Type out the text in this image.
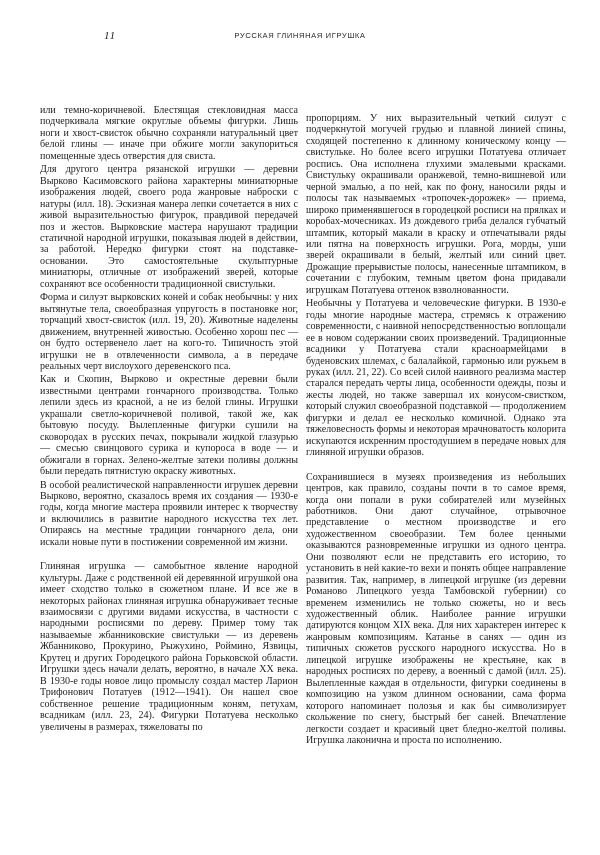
11	РУССКАЯ ГЛИНЯНАЯ ИГРУШКА

или темно-коричневой. Блестящая стекловидная масса подчеркивала мягкие округлые объемы фигурки. Лишь ноги и хвост-свисток обычно сохраняли натуральный цвет белой глины — иначе при обжиге могли закупориться помещенные здесь отверстия для свиста.

Для другого центра рязанской игрушки — деревни Вырково Касимовского района характерны миниатюрные изображения людей, своего рода жанровые наброски с натуры (илл. 18). Эскизная манера лепки сочетается в них с живой выразительностью фигурок, правдивой передачей поз и жестов. Вырковские мастера нарушают традиции статичной народной игрушки, показывая людей в действии, за работой. Нередко фигурки стоят на подставке-основании. Это самостоятельные скульптурные миниатюры, отличные от изображений зверей, которые сохраняют все особенности традиционной свистульки.

Форма и силуэт вырковских коней и собак необычны: у них вытянутые тела, своеобразная упругость в постановке ног, торчащий хвост-свисток (илл. 19, 20). Животные наделены движением, внутренней живостью. Особенно хорош пес — он будто остервенело лает на кого-то. Типичность этой игрушки не в отвлеченности символа, а в передаче реальных черт вислоухого деревенского пса.

Как и Скопин, Вырково и окрестные деревни были известными центрами гончарного производства. Только лепили здесь из красной, а не из белой глины. Игрушки украшали светло-коричневой поливой, такой же, как бытовую посуду. Вылепленные фигурки сушили на сковородах в русских печах, покрывали жидкой глазурью — смесью свинцового сурика и купороса в воде — и обжигали в горнах. Зелено-желтые затеки поливы должны были передать пятнистую окраску животных.

В особой реалистической направленности игрушек деревни Вырково, вероятно, сказалось время их создания — 1930-е годы, когда многие мастера проявили интерес к творчеству и включились в развитие народного искусства тех лет. Опираясь на местные традиции гончарного дела, они искали новые пути в постижении современной им жизни.

Глиняная игрушка — самобытное явление народной культуры. Даже с родственной ей деревянной игрушкой она имеет сходство только в сюжетном плане. И все же в некоторых районах глиняная игрушка обнаруживает тесные взаимосвязи с другими видами искусства, в частности с народными росписями по дереву. Пример тому так называемые жбанниковские свистульки — из деревень Жбанниково, Прокурино, Рыжухино, Роймино, Язвицы, Крутец и других Городецкого района Горьковской области. Игрушки здесь начали делать, вероятно, в начале XX века. В 1930-е годы новое лицо промыслу создал мастер Ларион Трифонович Потатуев (1912—1941). Он нашел свое собственное решение традиционным коням, петухам, всадникам (илл. 23, 24). Фигурки Потатуева несколько увеличены в размерах, тяжеловаты по

пропорциям. У них выразительный четкий силуэт с подчеркнутой могучей грудью и плавной линией спины, сходящей постепенно к длинному коническому концу — свистульке. Но более всего игрушки Потатуева отличает роспись. Она исполнена глухими эмалевыми красками. Свистульку окрашивали оранжевой, темно-вишневой или черной эмалью, а по ней, как по фону, наносили ряды и полосы так называемых «тропочек-дорожек» — приема, широко применявшегося в городецкой росписи на прялках и коробах-мочесниках. Из дождевого гриба делался губчатый штампик, который макали в краску и отпечатывали ряды или пятна на поверхность игрушки. Рога, морды, уши зверей окрашивали в белый, желтый или синий цвет. Дрожащие прерывистые полосы, нанесенные штампиком, в сочетании с глубоким, темным цветом фона придавали игрушкам Потатуева оттенок взволнованности.

Необычны у Потатуева и человеческие фигурки. В 1930-е годы многие народные мастера, стремясь к отражению современности, с наивной непосредственностью воплощали ее в новом содержании своих произведений. Традиционные всадники у Потатуева стали красноармейцами в буденовских шлемах, с балалайкой, гармонью или ружьем в руках (илл. 21, 22). Со всей силой наивного реализма мастер старался передать черты лица, особенности одежды, позы и жесты людей, но также завершал их конусом-свистком, который служил своеобразной подставкой — продолжением фигурки и делал ее несколько комичной. Однако эта тяжеловесность формы и некоторая мрачноватость колорита искупаются искренним простодушием в передаче новых для глиняной игрушки образов.

Сохранившиеся в музеях произведения из небольших центров, как правило, созданы почти в то самое время, когда они попали в руки собирателей или музейных работников. Они дают случайное, отрывочное представление о местном производстве и его художественном своеобразии. Тем более ценными оказываются разновременные игрушки из одного центра. Они позволяют если не представить его историю, то установить в ней какие-то вехи и понять общее направление развития. Так, например, в липецкой игрушке (из деревни Романово Липецкого уезда Тамбовской губернии) со временем изменились не только сюжеты, но и весь художественный облик. Наиболее ранние игрушки датируются концом XIX века. Для них характерен интерес к жанровым композициям. Катанье в санях — один из типичных сюжетов русского народного искусства. Но в липецкой игрушке изображены не крестьяне, как в народных росписях по дереву, а военный с дамой (илл. 25). Вылепленные каждая в отдельности, фигурки соединены в композицию на узком длинном основании, сама форма которого напоминает полозья и как бы символизирует скольжение по снегу, быстрый бег саней. Впечатление легкости создает и красивый цвет бледно-желтой поливы. Игрушка лаконична и проста по исполнению.
